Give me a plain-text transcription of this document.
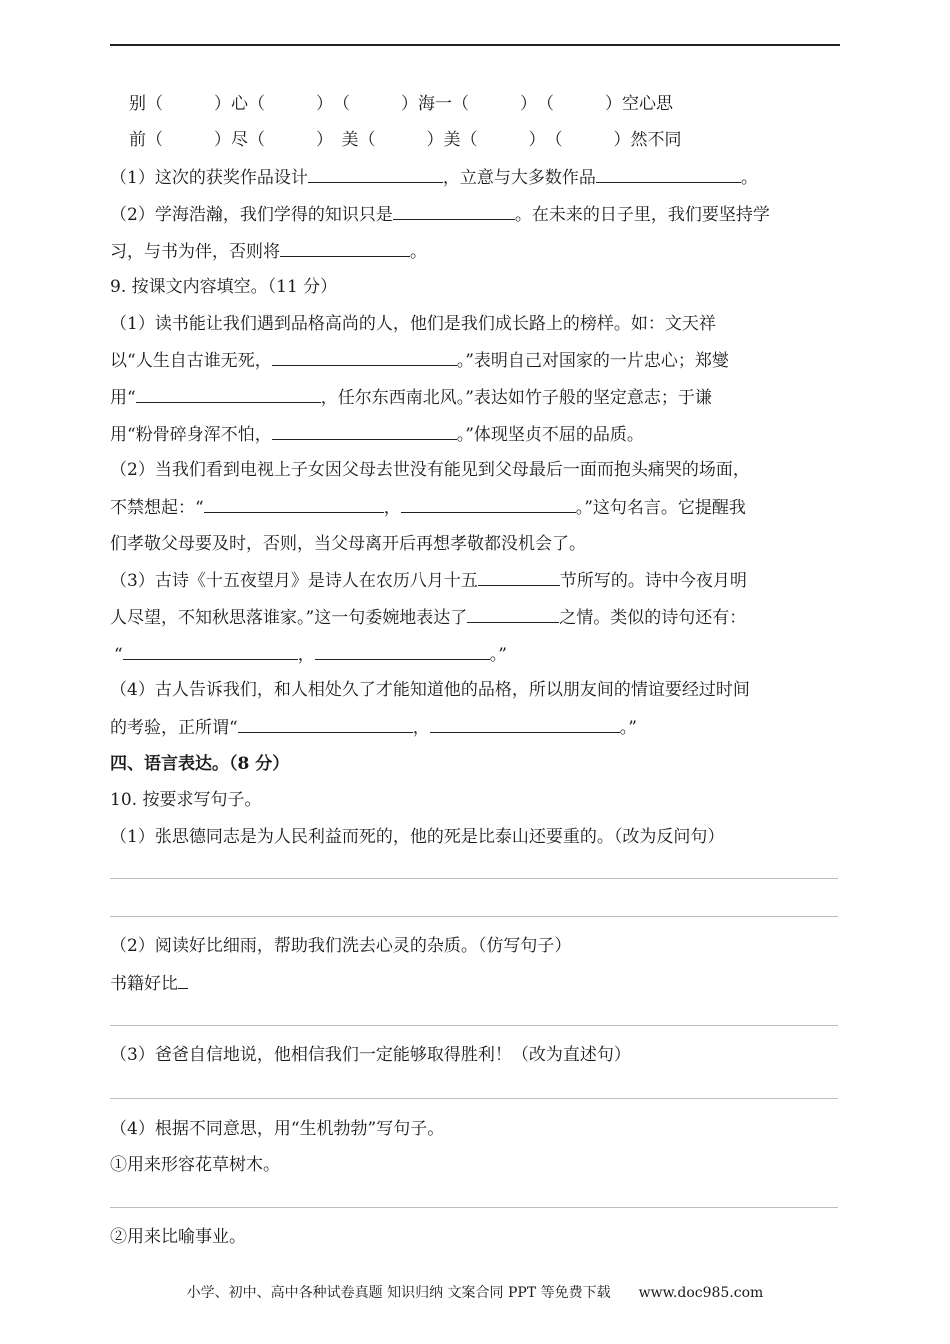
　别（　　　）心（　　　）　（　　　）海一（　　　）　（　　　）空心思
　前（　　　）尽（　　　）　美（　　　）美（　　　）　（　　　）然不同
（1）这次的获奖作品设计	，立意与大多数作品	。
（2）学海浩瀚，我们学得的知识只是	。在未来的日子里，我们要坚持学
习，与书为伴，否则将	。
9. 按课文内容填空。（11 分）
（1）读书能让我们遇到品格高尚的人，他们是我们成长路上的榜样。如：文天祥
以“人生自古谁无死，	。”表明自己对国家的一片忠心；郑燮
用“	，任尔东西南北风。”表达如竹子般的坚定意志；于谦
用“粉骨碎身浑不怕，	。”体现坚贞不屈的品质。
（2）当我们看到电视上子女因父母去世没有能见到父母最后一面而抱头痛哭的场面，
不禁想起：“	，	。”这句名言。它提醒我
们孝敬父母要及时，否则，当父母离开后再想孝敬都没机会了。
（3）古诗《十五夜望月》是诗人在农历八月十五	节所写的。诗中今夜月明
人尽望，不知秋思落谁家。”这一句委婉地表达了	之情。类似的诗句还有：
“	，	。”
（4）古人告诉我们，和人相处久了才能知道他的品格，所以朋友间的情谊要经过时间
的考验，正所谓“	，	。”
四、语言表达。（8 分）
10. 按要求写句子。
（1）张思德同志是为人民利益而死的，他的死是比泰山还要重的。（改为反问句）
（2）阅读好比细雨，帮助我们洗去心灵的杂质。（仿写句子）
书籍好比
（3）爸爸自信地说，他相信我们一定能够取得胜利！（改为直述句）
（4）根据不同意思，用“生机勃勃”写句子。
①用来形容花草树木。
②用来比喻事业。
小学、初中、高中各种试卷真题 知识归纳 文案合同 PPT 等免费下载　　www.doc985.com
